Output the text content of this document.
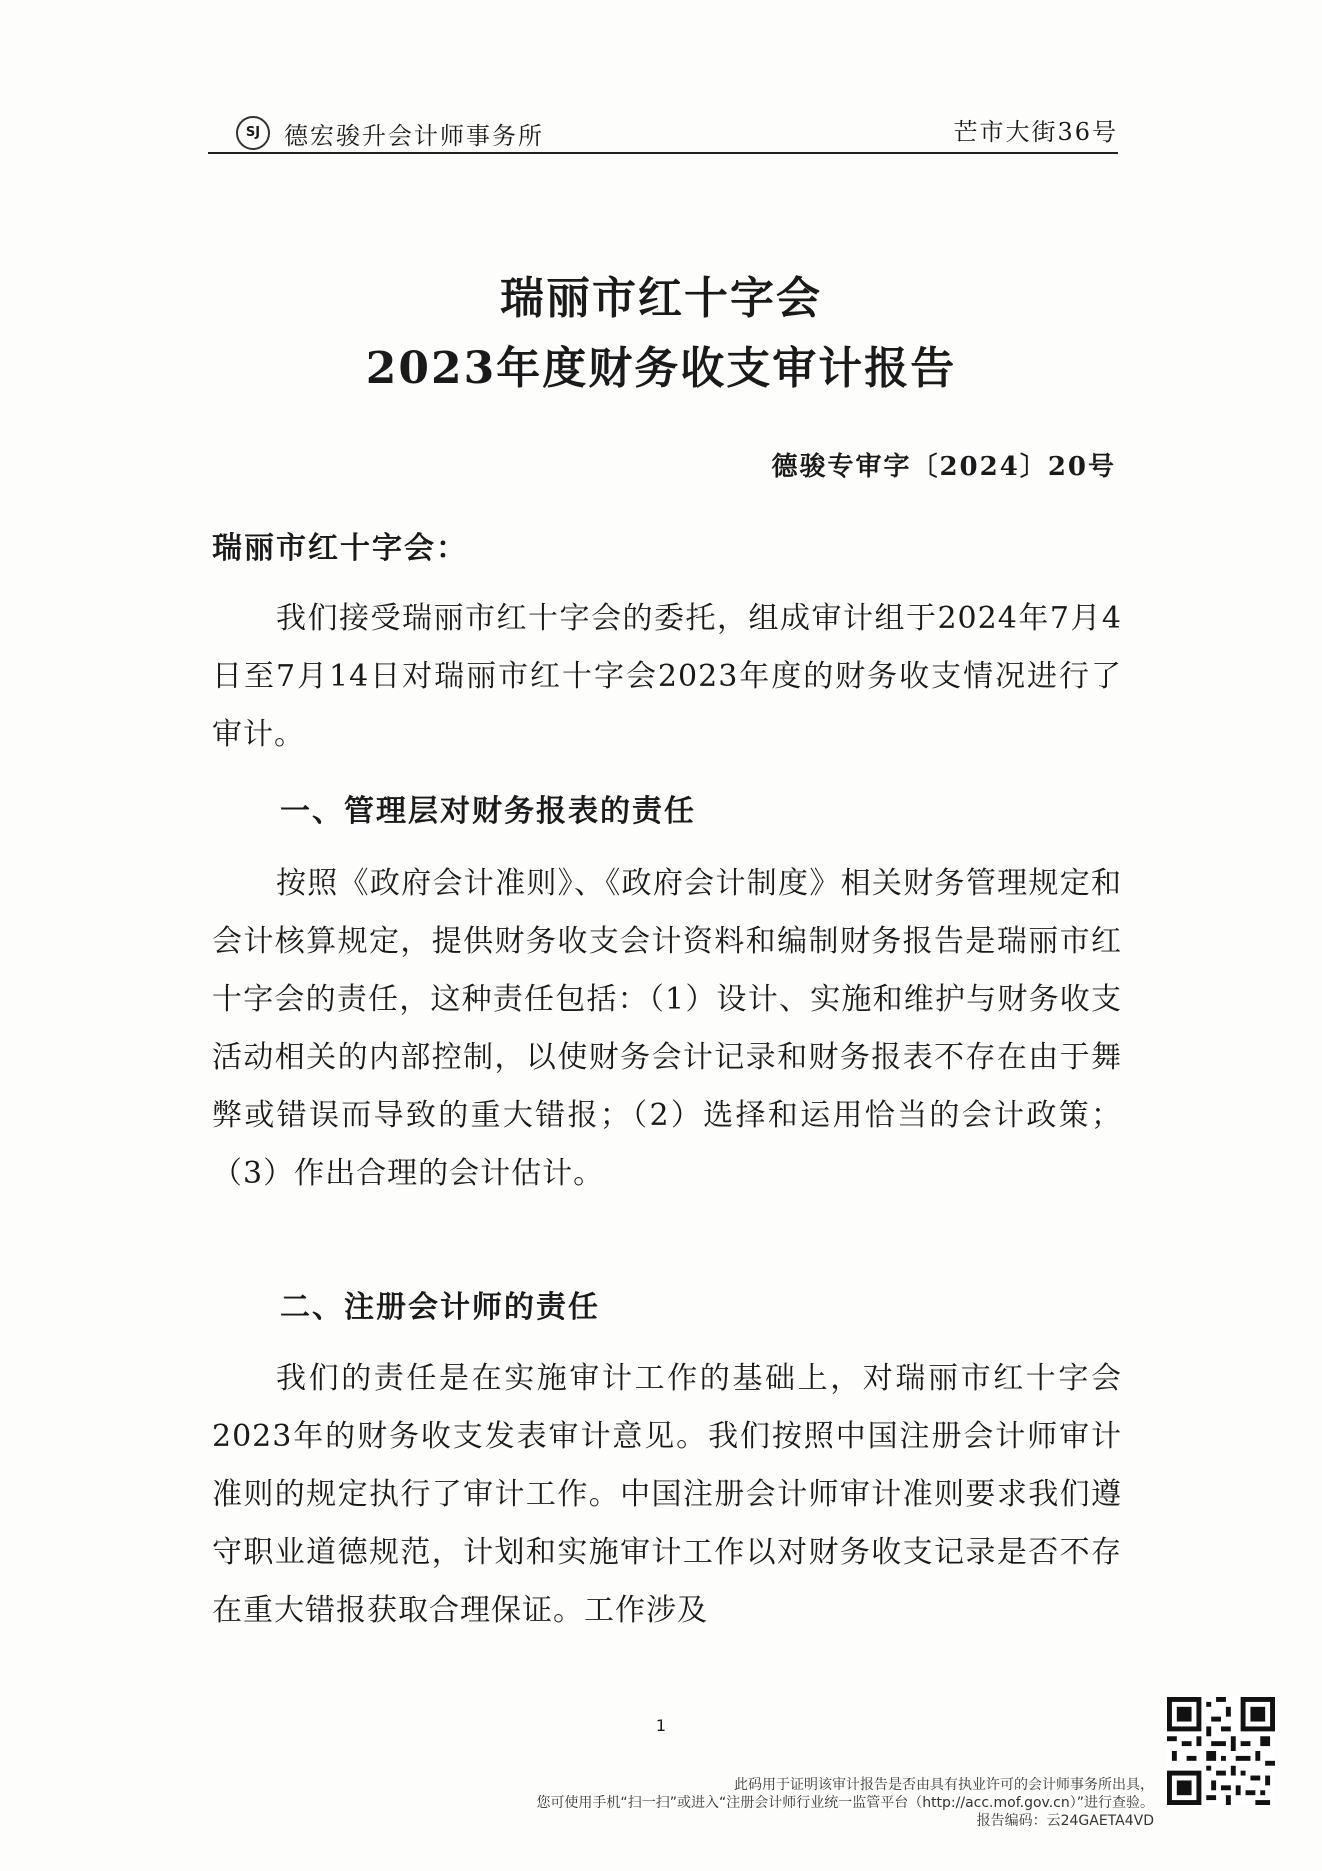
SJ 德宏骏升会计师事务所	芒市大街36号
瑞丽市红十字会
2023年度财务收支审计报告
德骏专审字〔2024〕20号
瑞丽市红十字会：

我们接受瑞丽市红十字会的委托，组成审计组于2024年7月4日至7月14日对瑞丽市红十字会2023年度的财务收支情况进行了审计。

一、管理层对财务报表的责任

按照《政府会计准则》、《政府会计制度》相关财务管理规定和会计核算规定，提供财务收支会计资料和编制财务报告是瑞丽市红十字会的责任，这种责任包括：（1）设计、实施和维护与财务收支活动相关的内部控制，以使财务会计记录和财务报表不存在由于舞弊或错误而导致的重大错报；（2）选择和运用恰当的会计政策；（3）作出合理的会计估计。

二、注册会计师的责任

我们的责任是在实施审计工作的基础上，对瑞丽市红十字会2023年的财务收支发表审计意见。我们按照中国注册会计师审计准则的规定执行了审计工作。中国注册会计师审计准则要求我们遵守职业道德规范，计划和实施审计工作以对财务收支记录是否不存在重大错报获取合理保证。工作涉及

1
此码用于证明该审计报告是否由具有执业许可的会计师事务所出具，
您可使用手机“扫一扫”或进入“注册会计师行业统一监管平台（http://acc.mof.gov.cn）”进行查验。
报告编码：云24GAETA4VD
